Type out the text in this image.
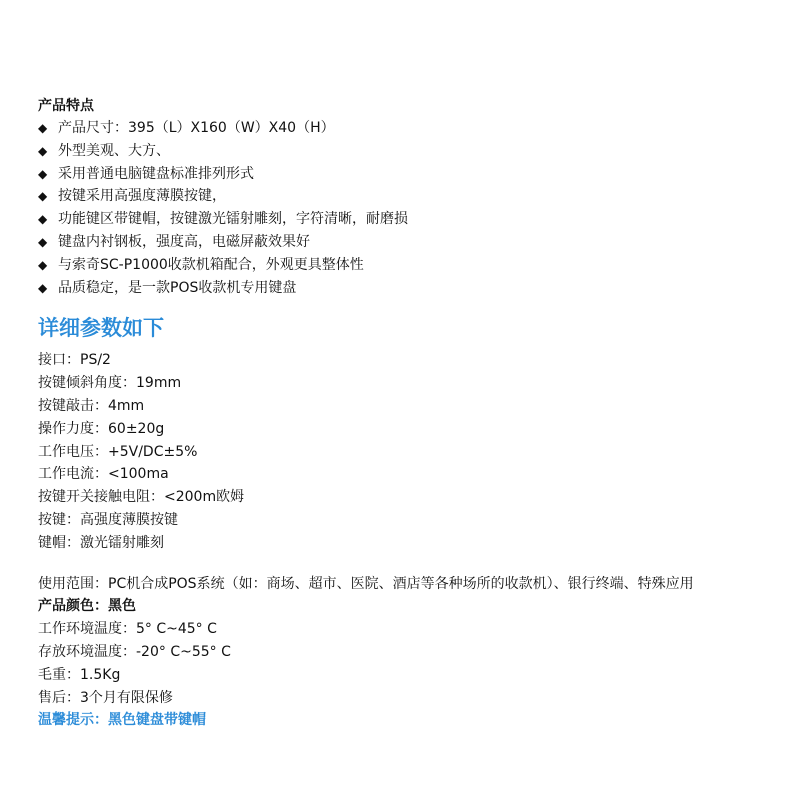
产品特点
◆ 产品尺寸：395（L）X160（W）X40（H）
◆ 外型美观、大方、
◆ 采用普通电脑键盘标准排列形式
◆ 按键采用高强度薄膜按键，
◆ 功能键区带键帽，按键激光镭射雕刻，字符清晰，耐磨损
◆ 键盘内衬钢板，强度高，电磁屏蔽效果好
◆ 与索奇SC-P1000收款机箱配合，外观更具整体性
◆ 品质稳定，是一款POS收款机专用键盘
详细参数如下
接口：PS/2
按键倾斜角度：19mm
按键敲击：4mm
操作力度：60±20g
工作电压：+5V/DC±5%
工作电流：<100ma
按键开关接触电阻：<200m欧姆
按键：高强度薄膜按键
键帽：激光镭射雕刻
使用范围：PC机合成POS系统（如：商场、超市、医院、酒店等各种场所的收款机）、银行终端、特殊应用
产品颜色：黑色
工作环境温度：5° C~45° C
存放环境温度：-20° C~55° C
毛重：1.5Kg
售后：3个月有限保修
温馨提示：黑色键盘带键帽
